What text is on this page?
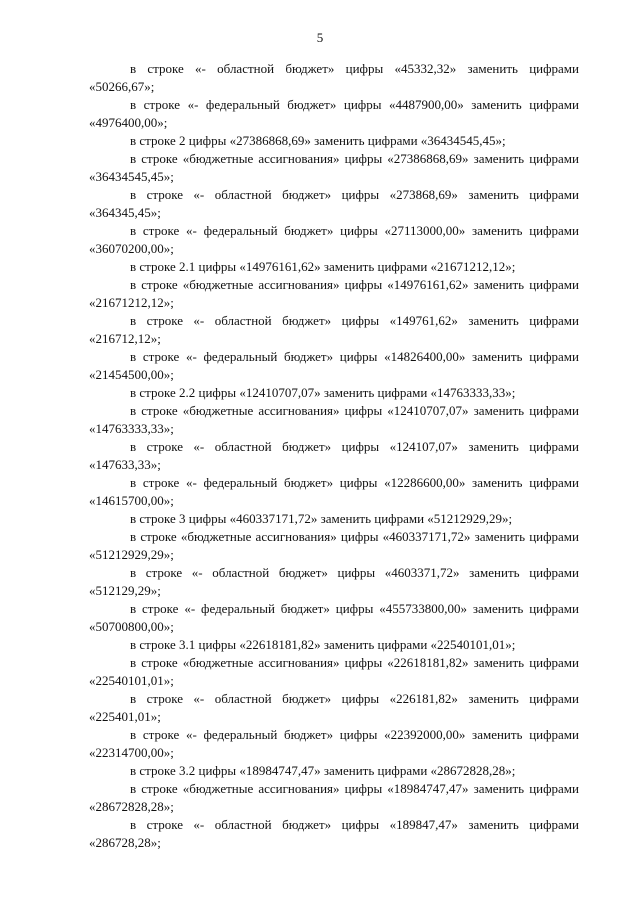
5

в строке «- областной бюджет» цифры «45332,32» заменить цифрами «50266,67»;

в строке «- федеральный бюджет» цифры «4487900,00» заменить цифрами «4976400,00»;

в строке 2 цифры «27386868,69» заменить цифрами «36434545,45»;

в строке «бюджетные ассигнования» цифры «27386868,69» заменить цифрами «36434545,45»;

в строке «- областной бюджет» цифры «273868,69» заменить цифрами «364345,45»;

в строке «- федеральный бюджет» цифры «27113000,00» заменить цифрами «36070200,00»;

в строке 2.1 цифры «14976161,62» заменить цифрами «21671212,12»;

в строке «бюджетные ассигнования» цифры «14976161,62» заменить цифрами «21671212,12»;

в строке «- областной бюджет» цифры «149761,62» заменить цифрами «216712,12»;

в строке «- федеральный бюджет» цифры «14826400,00» заменить цифрами «21454500,00»;

в строке 2.2 цифры «12410707,07» заменить цифрами «14763333,33»;

в строке «бюджетные ассигнования» цифры «12410707,07» заменить цифрами «14763333,33»;

в строке «- областной бюджет» цифры «124107,07» заменить цифрами «147633,33»;

в строке «- федеральный бюджет» цифры «12286600,00» заменить цифрами «14615700,00»;

в строке 3 цифры «460337171,72» заменить цифрами «51212929,29»;

в строке «бюджетные ассигнования» цифры «460337171,72» заменить цифрами «51212929,29»;

в строке «- областной бюджет» цифры «4603371,72» заменить цифрами «512129,29»;

в строке «- федеральный бюджет» цифры «455733800,00» заменить цифрами «50700800,00»;

в строке 3.1 цифры «22618181,82» заменить цифрами «22540101,01»;

в строке «бюджетные ассигнования» цифры «22618181,82» заменить цифрами «22540101,01»;

в строке «- областной бюджет» цифры «226181,82» заменить цифрами «225401,01»;

в строке «- федеральный бюджет» цифры «22392000,00» заменить цифрами «22314700,00»;

в строке 3.2 цифры «18984747,47» заменить цифрами «28672828,28»;

в строке «бюджетные ассигнования» цифры «18984747,47» заменить цифрами «28672828,28»;

в строке «- областной бюджет» цифры «189847,47» заменить цифрами «286728,28»;
